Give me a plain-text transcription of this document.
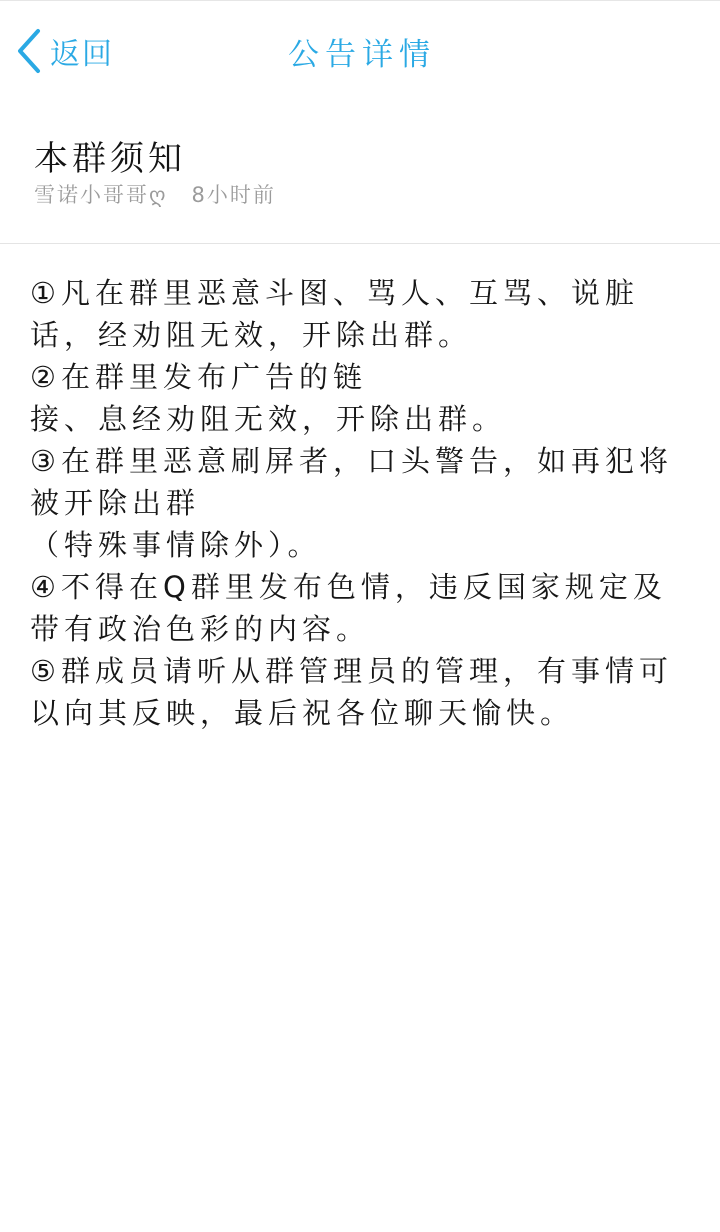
返回	公告详情
本群须知
雪诺小哥哥ღ 8小时前
①凡在群里恶意斗图、骂人、互骂、说脏话，经劝阻无效，开除出群。
②在群里发布广告的链
接、息经劝阻无效，开除出群。
③在群里恶意刷屏者，口头警告，如再犯将被开除出群
（特殊事情除外）。
④不得在Q群里发布色情，违反国家规定及带有政治色彩的内容。
⑤群成员请听从群管理员的管理，有事情可以向其反映，最后祝各位聊天愉快。
